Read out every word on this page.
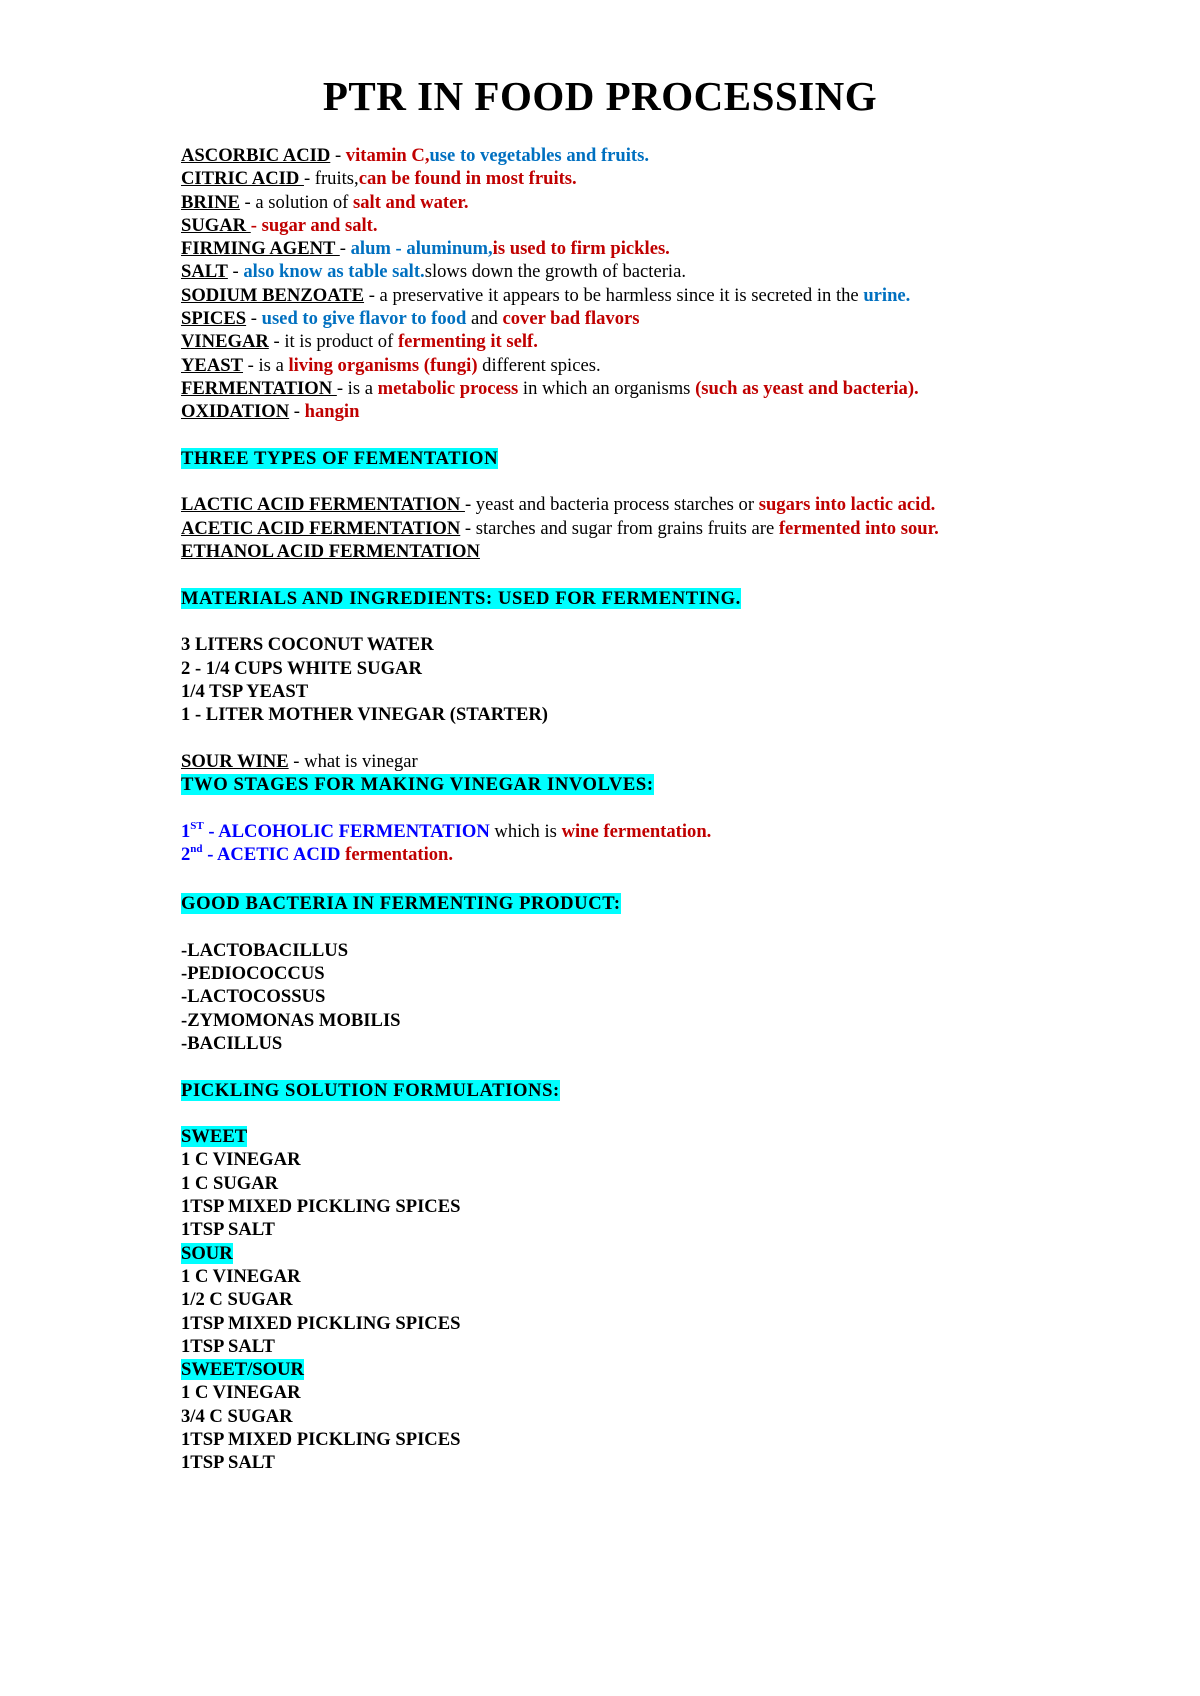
PTR IN FOOD PROCESSING
ASCORBIC ACID - vitamin C,use to vegetables and fruits.
CITRIC ACID - fruits,can be found in most fruits.
BRINE - a solution of salt and water.
SUGAR - sugar and salt.
FIRMING AGENT - alum - aluminum,is used to firm pickles.
SALT - also know as table salt.slows down the growth of bacteria.
SODIUM BENZOATE - a preservative it appears to be harmless since it is secreted in the urine.
SPICES - used to give flavor to food and cover bad flavors
VINEGAR - it is product of fermenting it self.
YEAST - is a living organisms (fungi) different spices.
FERMENTATION - is a metabolic process in which an organisms (such as yeast and bacteria).
OXIDATION - hangin
THREE TYPES OF FEMENTATION
LACTIC ACID FERMENTATION - yeast and bacteria process starches or sugars into lactic acid.
ACETIC ACID FERMENTATION - starches and sugar from grains fruits are fermented into sour.
ETHANOL ACID FERMENTATION
MATERIALS AND INGREDIENTS: USED FOR FERMENTING.
3 LITERS COCONUT WATER
2 - 1/4 CUPS WHITE SUGAR
1/4 TSP YEAST
1 - LITER MOTHER VINEGAR (STARTER)
SOUR WINE - what is vinegar
TWO STAGES FOR MAKING VINEGAR INVOLVES:
1ST - ALCOHOLIC FERMENTATION which is wine fermentation.
2nd - ACETIC ACID fermentation.
GOOD BACTERIA IN FERMENTING PRODUCT:
-LACTOBACILLUS
-PEDIOCOCCUS
-LACTOCOSSUS
-ZYMOMONAS MOBILIS
-BACILLUS
PICKLING SOLUTION FORMULATIONS:
SWEET
1 C VINEGAR
1 C SUGAR
1TSP MIXED PICKLING SPICES
1TSP SALT
SOUR
1 C VINEGAR
1/2 C SUGAR
1TSP MIXED PICKLING SPICES
1TSP SALT
SWEET/SOUR
1 C VINEGAR
3/4 C SUGAR
1TSP MIXED PICKLING SPICES
1TSP SALT
